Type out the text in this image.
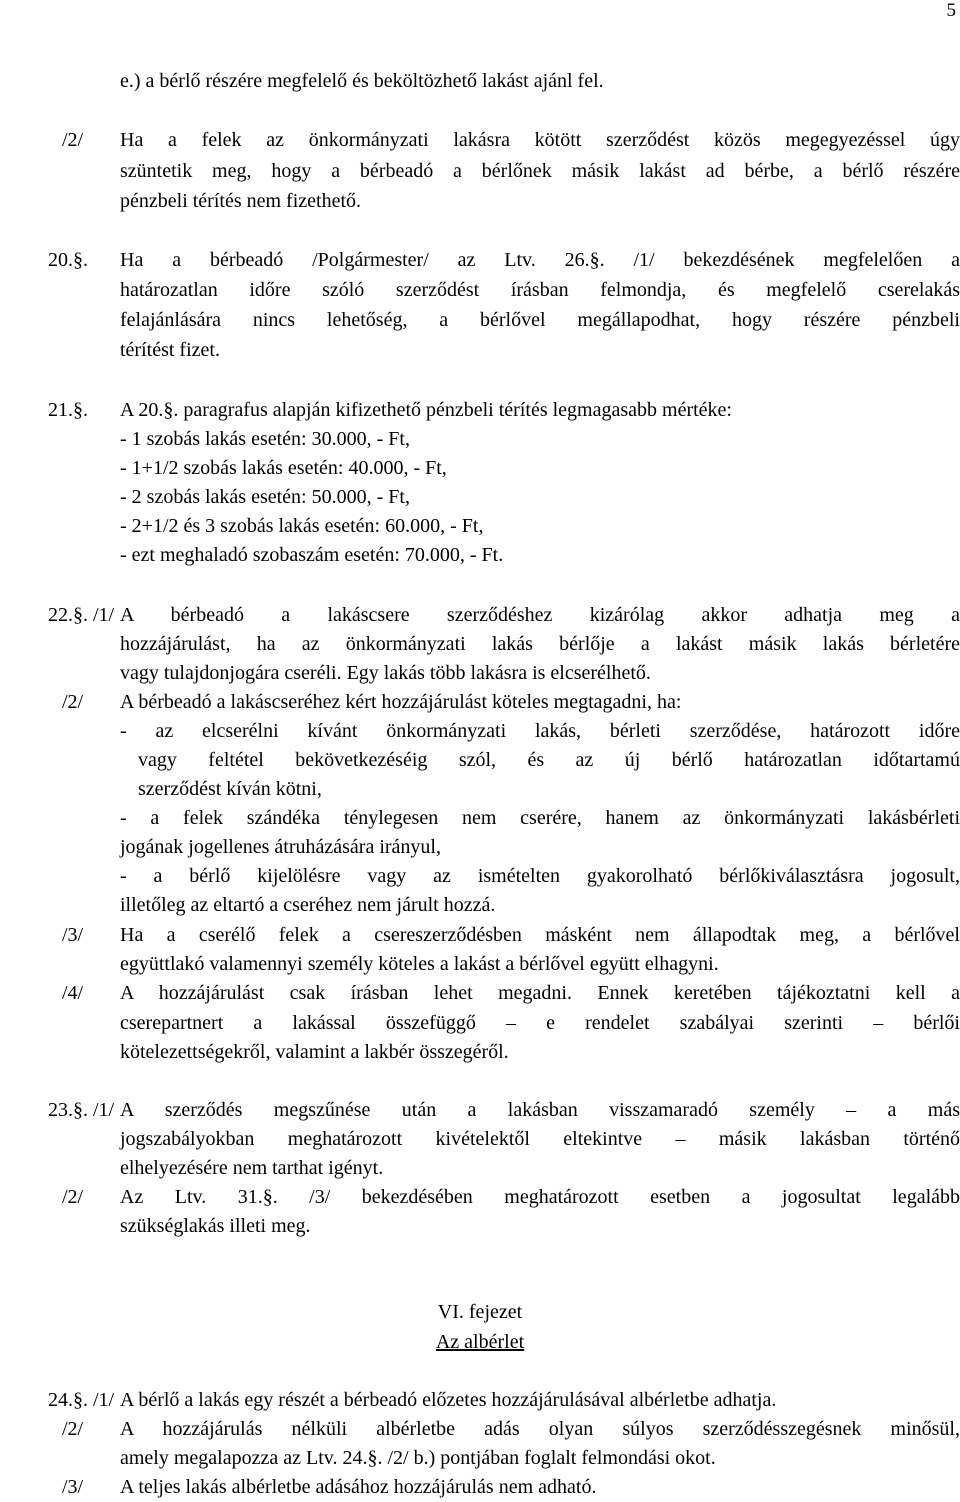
5
e.) a bérlő részére megfelelő és beköltözhető lakást ajánl fel.
/2/ Ha a felek az önkormányzati lakásra kötött szerződést közös megegyezéssel úgy
szüntetik meg, hogy a bérbeadó a bérlőnek másik lakást ad bérbe, a bérlő részére
pénzbeli térítés nem fizethető.
20.§. Ha a bérbeadó /Polgármester/ az Ltv. 26.§. /1/ bekezdésének megfelelően a
határozatlan időre szóló szerződést írásban felmondja, és megfelelő cserelakás
felajánlására nincs lehetőség, a bérlővel megállapodhat, hogy részére pénzbeli
térítést fizet.
21.§. A 20.§. paragrafus alapján kifizethető pénzbeli térítés legmagasabb mértéke:
- 1 szobás lakás esetén: 30.000, - Ft,
- 1+1/2 szobás lakás esetén: 40.000, - Ft,
- 2 szobás lakás esetén: 50.000, - Ft,
- 2+1/2 és 3 szobás lakás esetén: 60.000, - Ft,
- ezt meghaladó szobaszám esetén: 70.000, - Ft.
22.§. /1/ A bérbeadó a lakáscsere szerződéshez kizárólag akkor adhatja meg a
hozzájárulást, ha az önkormányzati lakás bérlője a lakást másik lakás bérletére
vagy tulajdonjogára cseréli. Egy lakás több lakásra is elcserélhető.
/2/ A bérbeadó a lakáscseréhez kért hozzájárulást köteles megtagadni, ha:
- az elcserélni kívánt önkormányzati lakás, bérleti szerződése, határozott időre
vagy feltétel bekövetkezéséig szól, és az új bérlő határozatlan időtartamú
szerződést kíván kötni,
- a felek szándéka ténylegesen nem cserére, hanem az önkormányzati lakásbérleti
jogának jogellenes átruházására irányul,
- a bérlő kijelölésre vagy az ismételten gyakorolható bérlőkiválasztásra jogosult,
illetőleg az eltartó a cseréhez nem járult hozzá.
/3/ Ha a cserélő felek a csereszerződésben másként nem állapodtak meg, a bérlővel
együttlakó valamennyi személy köteles a lakást a bérlővel együtt elhagyni.
/4/ A hozzájárulást csak írásban lehet megadni. Ennek keretében tájékoztatni kell a
cserepartnert a lakással összefüggő – e rendelet szabályai szerinti – bérlői
kötelezettségekről, valamint a lakbér összegéről.
23.§. /1/ A szerződés megszűnése után a lakásban visszamaradó személy – a más
jogszabályokban meghatározott kivételektől eltekintve – másik lakásban történő
elhelyezésére nem tarthat igényt.
/2/ Az Ltv. 31.§. /3/ bekezdésében meghatározott esetben a jogosultat legalább
szükséglakás illeti meg.
VI. fejezet
Az albérlet
24.§. /1/ A bérlő a lakás egy részét a bérbeadó előzetes hozzájárulásával albérletbe adhatja.
/2/ A hozzájárulás nélküli albérletbe adás olyan súlyos szerződésszegésnek minősül,
amely megalapozza az Ltv. 24.§. /2/ b.) pontjában foglalt felmondási okot.
/3/ A teljes lakás albérletbe adásához hozzájárulás nem adható.
